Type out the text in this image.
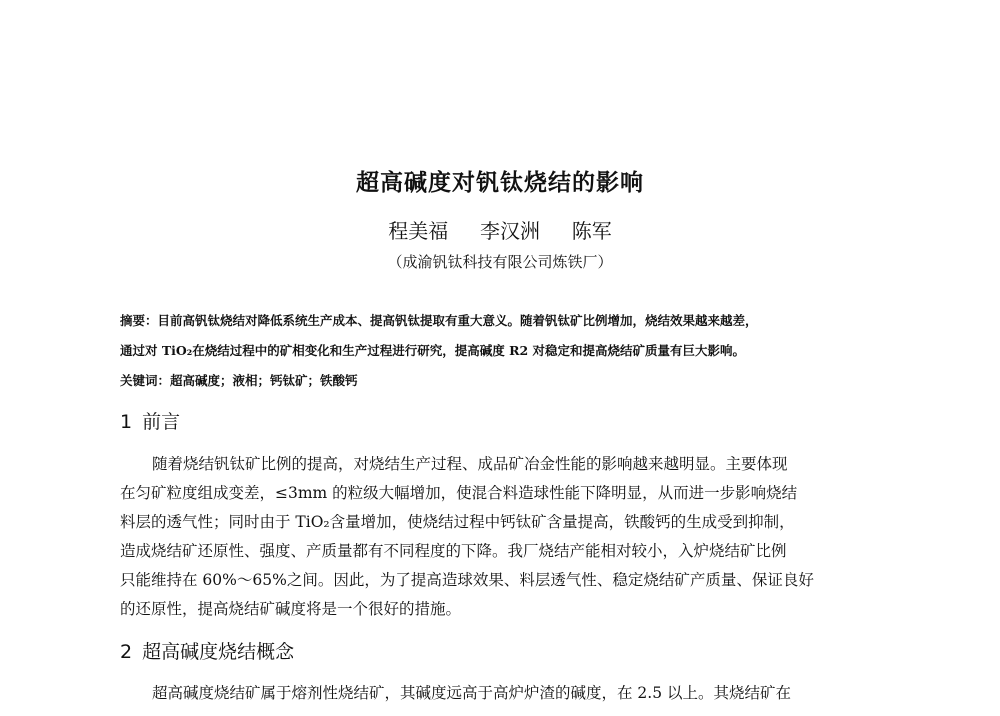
超高碱度对钒钛烧结的影响
程美福 李汉洲 陈军
（成渝钒钛科技有限公司炼铁厂）
摘要：目前高钒钛烧结对降低系统生产成本、提高钒钛提取有重大意义。随着钒钛矿比例增加，烧结效果越来越差，
通过对 TiO₂在烧结过程中的矿相变化和生产过程进行研究，提高碱度 R2 对稳定和提高烧结矿质量有巨大影响。
关键词：超高碱度；液相；钙钛矿；铁酸钙
1 前言
随着烧结钒钛矿比例的提高，对烧结生产过程、成品矿冶金性能的影响越来越明显。主要体现
在匀矿粒度组成变差，≤3mm 的粒级大幅增加，使混合料造球性能下降明显，从而进一步影响烧结
料层的透气性；同时由于 TiO₂含量增加，使烧结过程中钙钛矿含量提高，铁酸钙的生成受到抑制，
造成烧结矿还原性、强度、产质量都有不同程度的下降。我厂烧结产能相对较小，入炉烧结矿比例
只能维持在 60%～65%之间。因此，为了提高造球效果、料层透气性、稳定烧结矿产质量、保证良好
的还原性，提高烧结矿碱度将是一个很好的措施。
2 超高碱度烧结概念
超高碱度烧结矿属于熔剂性烧结矿，其碱度远高于高炉炉渣的碱度，在 2.5 以上。其烧结矿在
